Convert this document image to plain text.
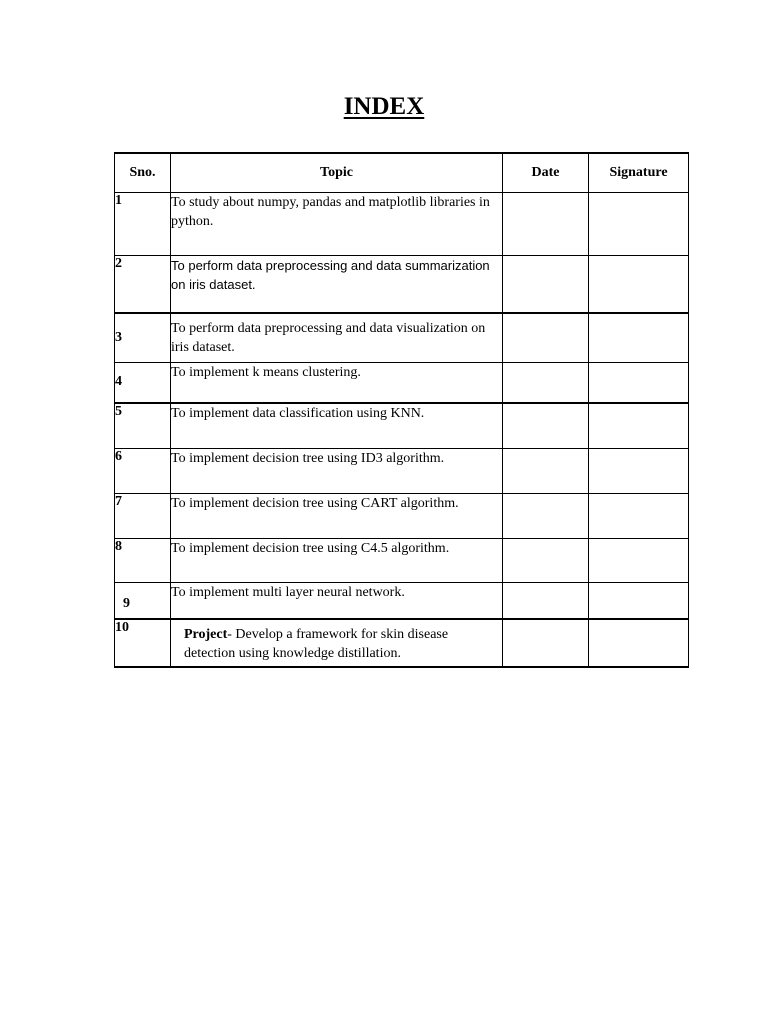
INDEX
Sno.	Topic	Date	Signature
1	To study about numpy, pandas and matplotlib libraries in python.		
2	To perform data preprocessing and data summarization on iris dataset.		
3	To perform data preprocessing and data visualization on iris dataset.		
4	To implement k means clustering.		
5	To implement data classification using KNN.		
6	To implement decision tree using ID3 algorithm.		
7	To implement decision tree using CART algorithm.		
8	To implement decision tree using C4.5 algorithm.		
9	To implement multi layer neural network.		
10	Project- Develop a framework for skin disease detection using knowledge distillation.		
